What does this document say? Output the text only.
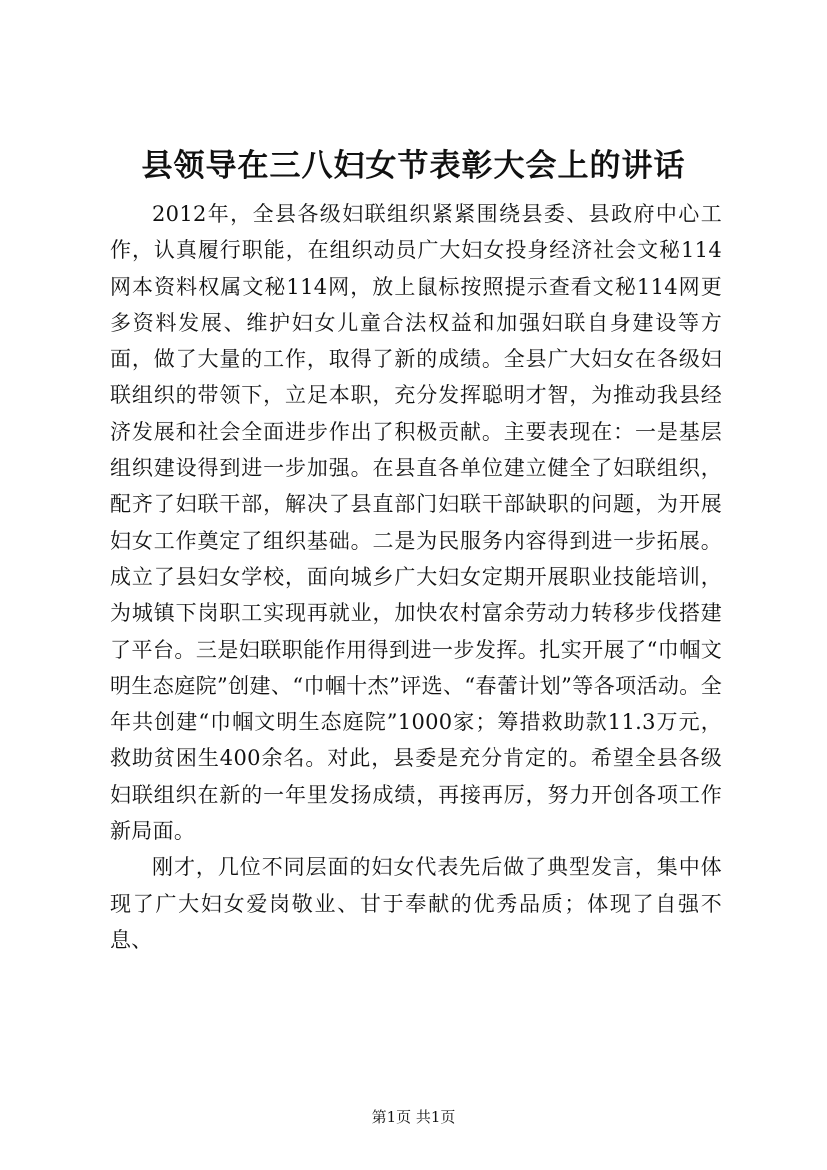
县领导在三八妇女节表彰大会上的讲话

2012年，全县各级妇联组织紧紧围绕县委、县政府中心工作，认真履行职能，在组织动员广大妇女投身经济社会文秘114网本资料权属文秘114网，放上鼠标按照提示查看文秘114网更多资料发展、维护妇女儿童合法权益和加强妇联自身建设等方面，做了大量的工作，取得了新的成绩。全县广大妇女在各级妇联组织的带领下，立足本职，充分发挥聪明才智，为推动我县经济发展和社会全面进步作出了积极贡献。主要表现在：一是基层组织建设得到进一步加强。在县直各单位建立健全了妇联组织，配齐了妇联干部，解决了县直部门妇联干部缺职的问题，为开展妇女工作奠定了组织基础。二是为民服务内容得到进一步拓展。成立了县妇女学校，面向城乡广大妇女定期开展职业技能培训，为城镇下岗职工实现再就业，加快农村富余劳动力转移步伐搭建了平台。三是妇联职能作用得到进一步发挥。扎实开展了“巾帼文明生态庭院”创建、“巾帼十杰”评选、“春蕾计划”等各项活动。全年共创建“巾帼文明生态庭院”1000家；筹措救助款11.3万元，救助贫困生400余名。对此，县委是充分肯定的。希望全县各级妇联组织在新的一年里发扬成绩，再接再厉，努力开创各项工作新局面。

刚才，几位不同层面的妇女代表先后做了典型发言，集中体现了广大妇女爱岗敬业、甘于奉献的优秀品质；体现了自强不息、

第1页 共1页
